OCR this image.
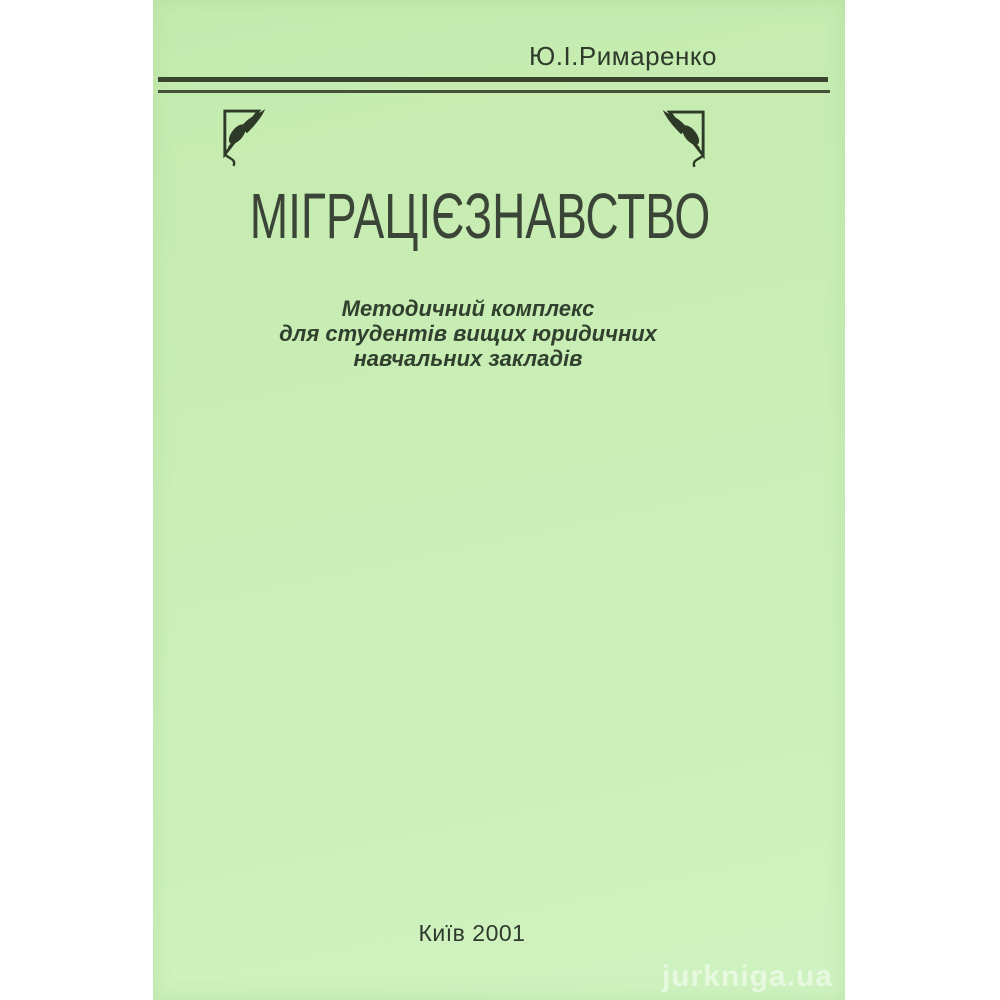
Ю.І.Римаренко
МІГРАЦІЄЗНАВСТВО
Методичний комплекс
для студентів вищих юридичних
навчальних закладів
Київ 2001
jurkniga.ua
